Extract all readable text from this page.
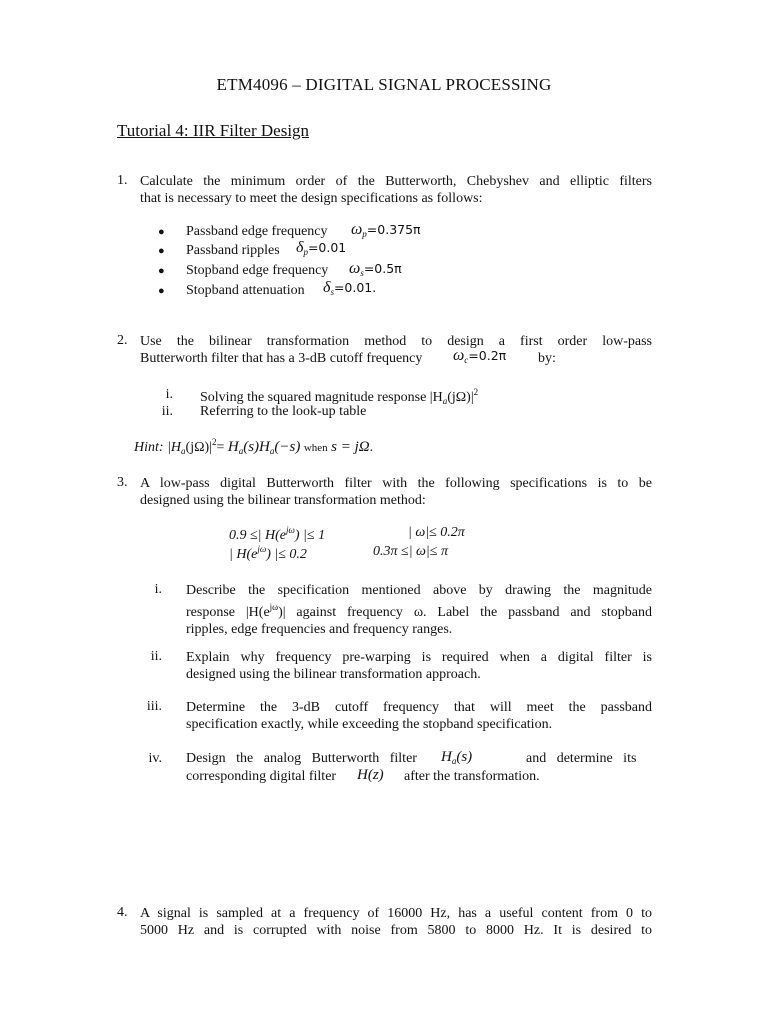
ETM4096 – DIGITAL SIGNAL PROCESSING
Tutorial 4: IIR Filter Design
1. Calculate the minimum order of the Butterworth, Chebyshev and elliptic filters
that is necessary to meet the design specifications as follows:
● Passband edge frequency $\omega_p=0.375\pi$
● Passband ripples $\delta_p=0.01$
● Stopband edge frequency $\omega_s=0.5\pi$
● Stopband attenuation $\delta_s=0.01$.
2. Use the bilinear transformation method to design a first order low-pass
Butterworth filter that has a 3-dB cutoff frequency $\omega_c=0.2\pi$ by:
i. Solving the squared magnitude response $|H_a(j\Omega)|^2$
ii. Referring to the look-up table
Hint: $|H_a(j\Omega)|^2= H_a(s)H_a(-s)$ when s = jΩ.
3. A low-pass digital Butterworth filter with the following specifications is to be
designed using the bilinear transformation method:
0.9 ≤| $H(e^{j\omega})$ |≤ 1	| ω|≤ 0.2π
| $H(e^{j\omega})$ |≤ 0.2	0.3π ≤| ω|≤ π
i. Describe the specification mentioned above by drawing the magnitude
response $|H(e^{j\omega})|$ against frequency ω. Label the passband and stopband
ripples, edge frequencies and frequency ranges.
ii. Explain why frequency pre-warping is required when a digital filter is
designed using the bilinear transformation approach.
iii. Determine the 3-dB cutoff frequency that will meet the passband
specification exactly, while exceeding the stopband specification.
iv. Design the analog Butterworth filter $H_a(s)$	and determine its
corresponding digital filter H(z) after the transformation.
4. A signal is sampled at a frequency of 16000 Hz, has a useful content from 0 to
5000 Hz and is corrupted with noise from 5800 to 8000 Hz. It is desired to
